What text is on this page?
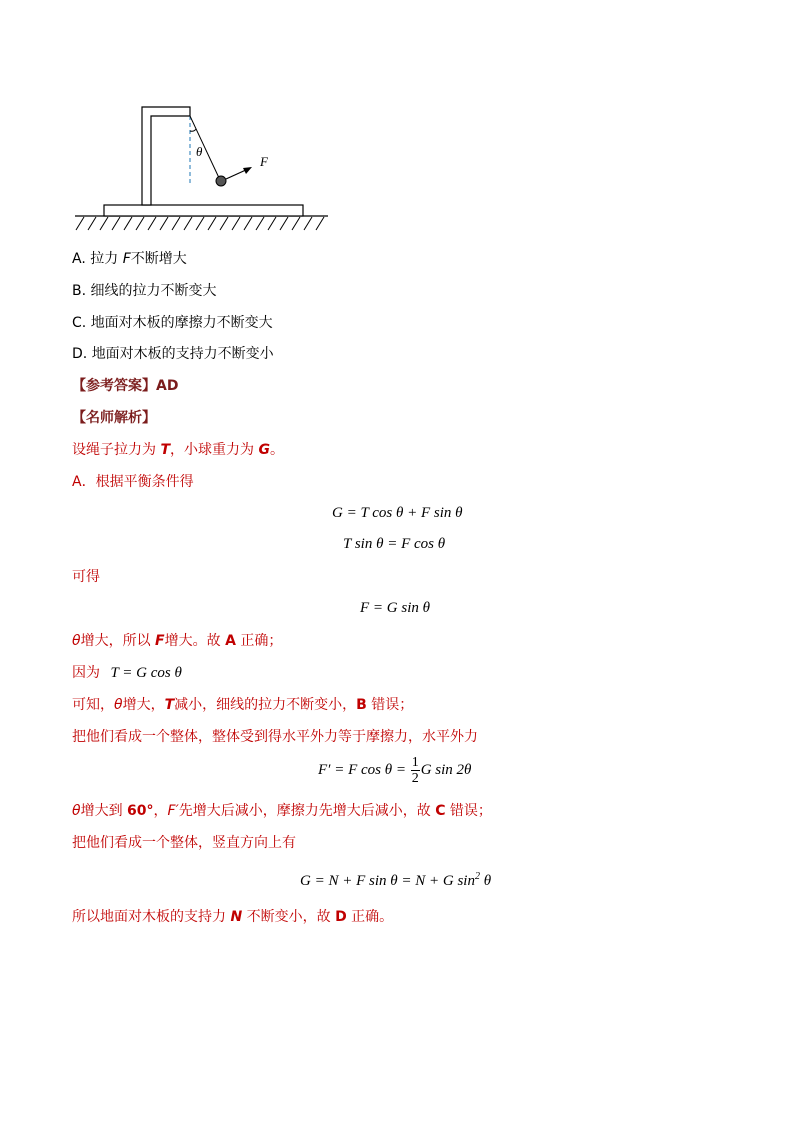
θ
F
A. 拉力 F不断增大
B. 细线的拉力不断变大
C. 地面对木板的摩擦力不断变大
D. 地面对木板的支持力不断变小
【参考答案】AD
【名师解析】
设绳子拉力为 T，小球重力为 G。
A．根据平衡条件得
G = T cos θ + F sin θ
T sin θ = F cos θ
可得
F = G sin θ
θ增大，所以 F增大。故 A 正确；
因为 T = G cos θ
可知，θ增大，T减小，细线的拉力不断变小，B 错误；
把他们看成一个整体，整体受到得水平外力等于摩擦力，水平外力
F′ = F $\cos \theta = \frac{1}{2}$ G sin 2θ
θ增大到 60°，F′先增大后减小，摩擦力先增大后减小，故 C 错误；
把他们看成一个整体，竖直方向上有
G = N + F sin θ = N + G $\sin^2 \theta$
所以地面对木板的支持力 N 不断变小，故 D 正确。
